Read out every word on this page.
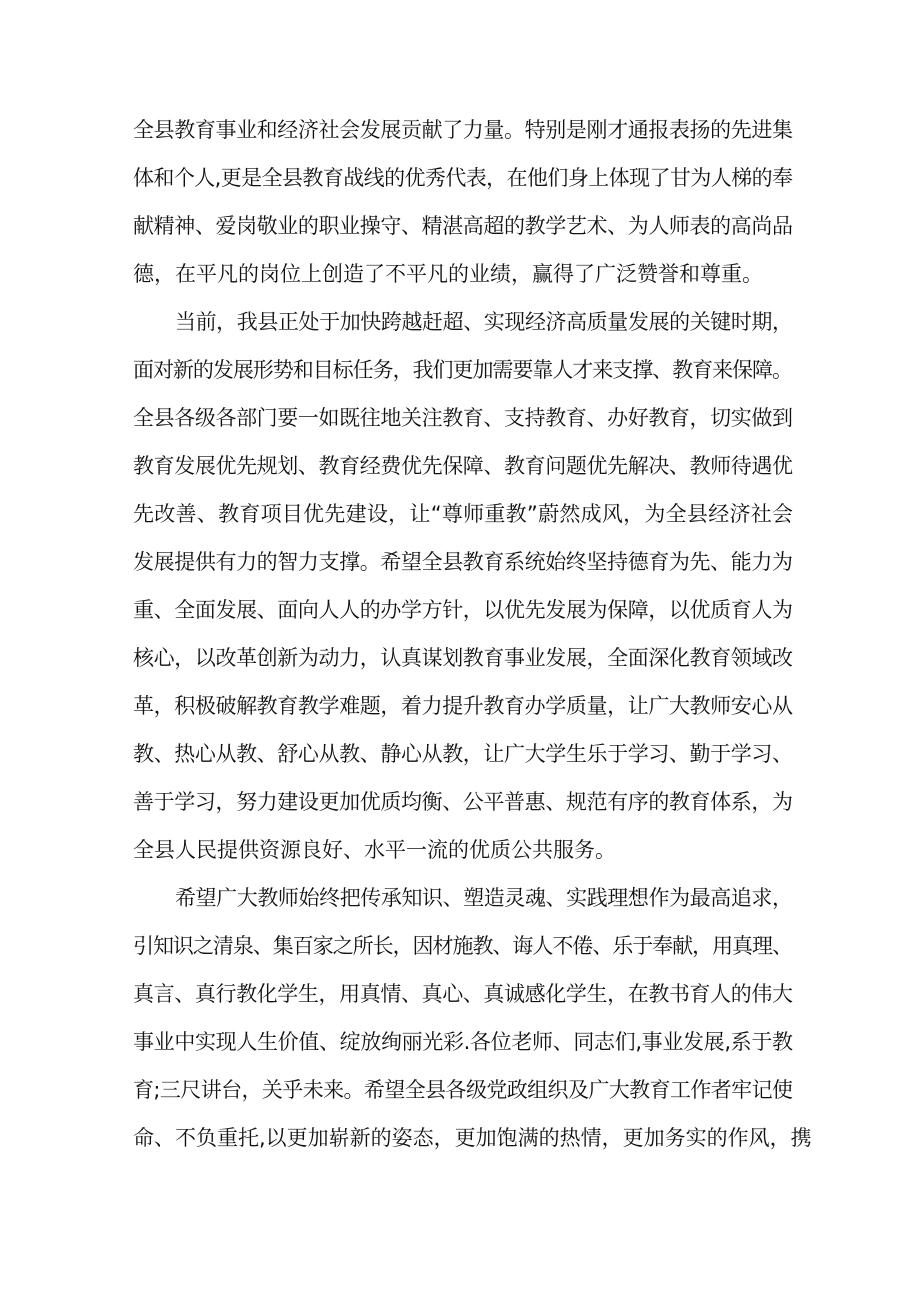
全县教育事业和经济社会发展贡献了力量。特别是刚才通报表扬的先进集
体和个人,更是全县教育战线的优秀代表，在他们身上体现了甘为人梯的奉
献精神、爱岗敬业的职业操守、精湛高超的教学艺术、为人师表的高尚品
德，在平凡的岗位上创造了不平凡的业绩，赢得了广泛赞誉和尊重。
当前，我县正处于加快跨越赶超、实现经济高质量发展的关键时期，
面对新的发展形势和目标任务，我们更加需要靠人才来支撑、教育来保障。
全县各级各部门要一如既往地关注教育、支持教育、办好教育，切实做到
教育发展优先规划、教育经费优先保障、教育问题优先解决、教师待遇优
先改善、教育项目优先建设，让“尊师重教”蔚然成风，为全县经济社会
发展提供有力的智力支撑。希望全县教育系统始终坚持德育为先、能力为
重、全面发展、面向人人的办学方针，以优先发展为保障，以优质育人为
核心，以改革创新为动力，认真谋划教育事业发展，全面深化教育领域改
革，积极破解教育教学难题，着力提升教育办学质量，让广大教师安心从
教、热心从教、舒心从教、静心从教，让广大学生乐于学习、勤于学习、
善于学习，努力建设更加优质均衡、公平普惠、规范有序的教育体系，为
全县人民提供资源良好、水平一流的优质公共服务。
希望广大教师始终把传承知识、塑造灵魂、实践理想作为最高追求，
引知识之清泉、集百家之所长，因材施教、诲人不倦、乐于奉献，用真理、
真言、真行教化学生，用真情、真心、真诚感化学生，在教书育人的伟大
事业中实现人生价值、绽放绚丽光彩.各位老师、同志们,事业发展,系于教
育;三尺讲台，关乎未来。希望全县各级党政组织及广大教育工作者牢记使
命、不负重托,以更加崭新的姿态，更加饱满的热情，更加务实的作风，携
